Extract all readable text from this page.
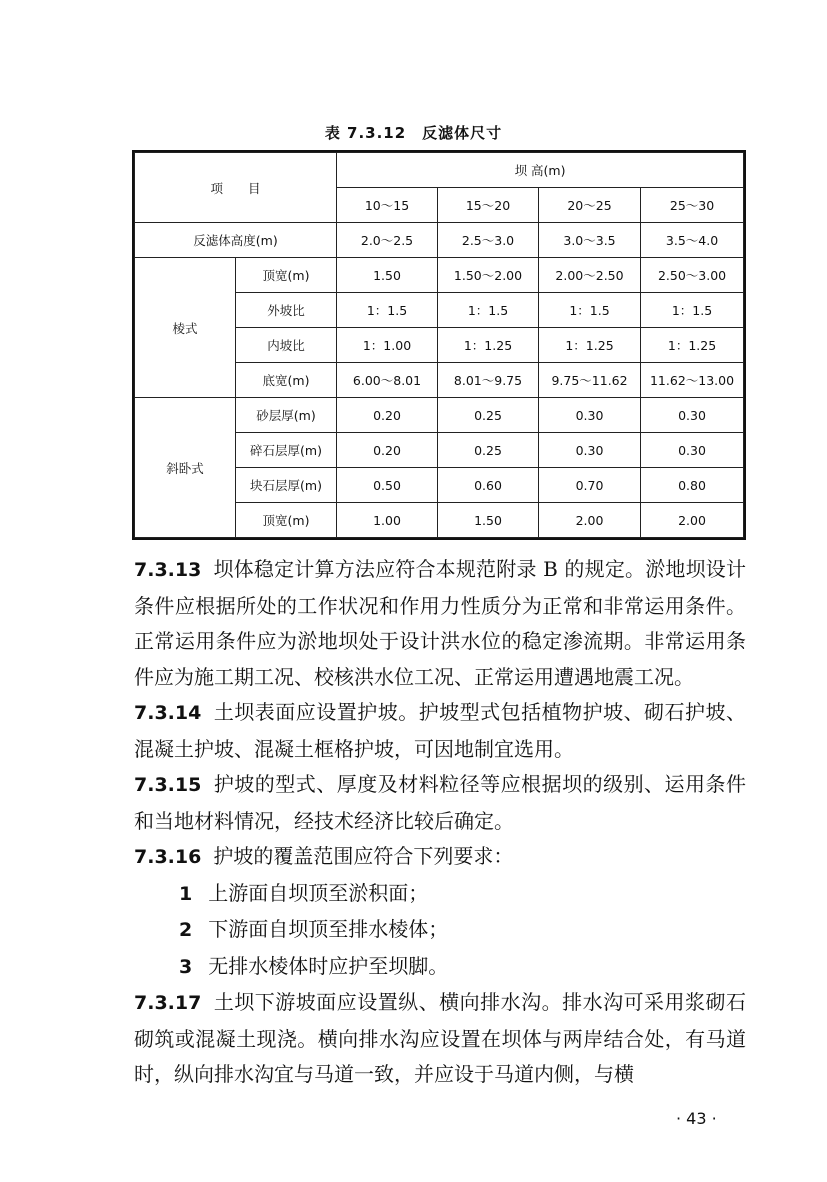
表 7.3.12　反滤体尺寸
项　　目		坝 高(m)			
		10～15	15～20	20～25	25～30
反滤体高度(m)		2.0～2.5	2.5～3.0	3.0～3.5	3.5～4.0
棱式	顶宽(m)	1.50	1.50～2.00	2.00～2.50	2.50～3.00
	外坡比	1：1.5	1：1.5	1：1.5	1：1.5
	内坡比	1：1.00	1：1.25	1：1.25	1：1.25
	底宽(m)	6.00～8.01	8.01～9.75	9.75～11.62	11.62～13.00
斜卧式	砂层厚(m)	0.20	0.25	0.30	0.30
	碎石层厚(m)	0.20	0.25	0.30	0.30
	块石层厚(m)	0.50	0.60	0.70	0.80
	顶宽(m)	1.00	1.50	2.00	2.00

7.3.13 坝体稳定计算方法应符合本规范附录 B 的规定。淤地坝设计条件应根据所处的工作状况和作用力性质分为正常和非常运用条件。正常运用条件应为淤地坝处于设计洪水位的稳定渗流期。非常运用条件应为施工期工况、校核洪水位工况、正常运用遭遇地震工况。

7.3.14 土坝表面应设置护坡。护坡型式包括植物护坡、砌石护坡、混凝土护坡、混凝土框格护坡，可因地制宜选用。

7.3.15 护坡的型式、厚度及材料粒径等应根据坝的级别、运用条件和当地材料情况，经技术经济比较后确定。

7.3.16 护坡的覆盖范围应符合下列要求：

1 上游面自坝顶至淤积面；

2 下游面自坝顶至排水棱体；

3 无排水棱体时应护至坝脚。

7.3.17 土坝下游坡面应设置纵、横向排水沟。排水沟可采用浆砌石砌筑或混凝土现浇。横向排水沟应设置在坝体与两岸结合处，有马道时，纵向排水沟宜与马道一致，并应设于马道内侧，与横

· 43 ·
